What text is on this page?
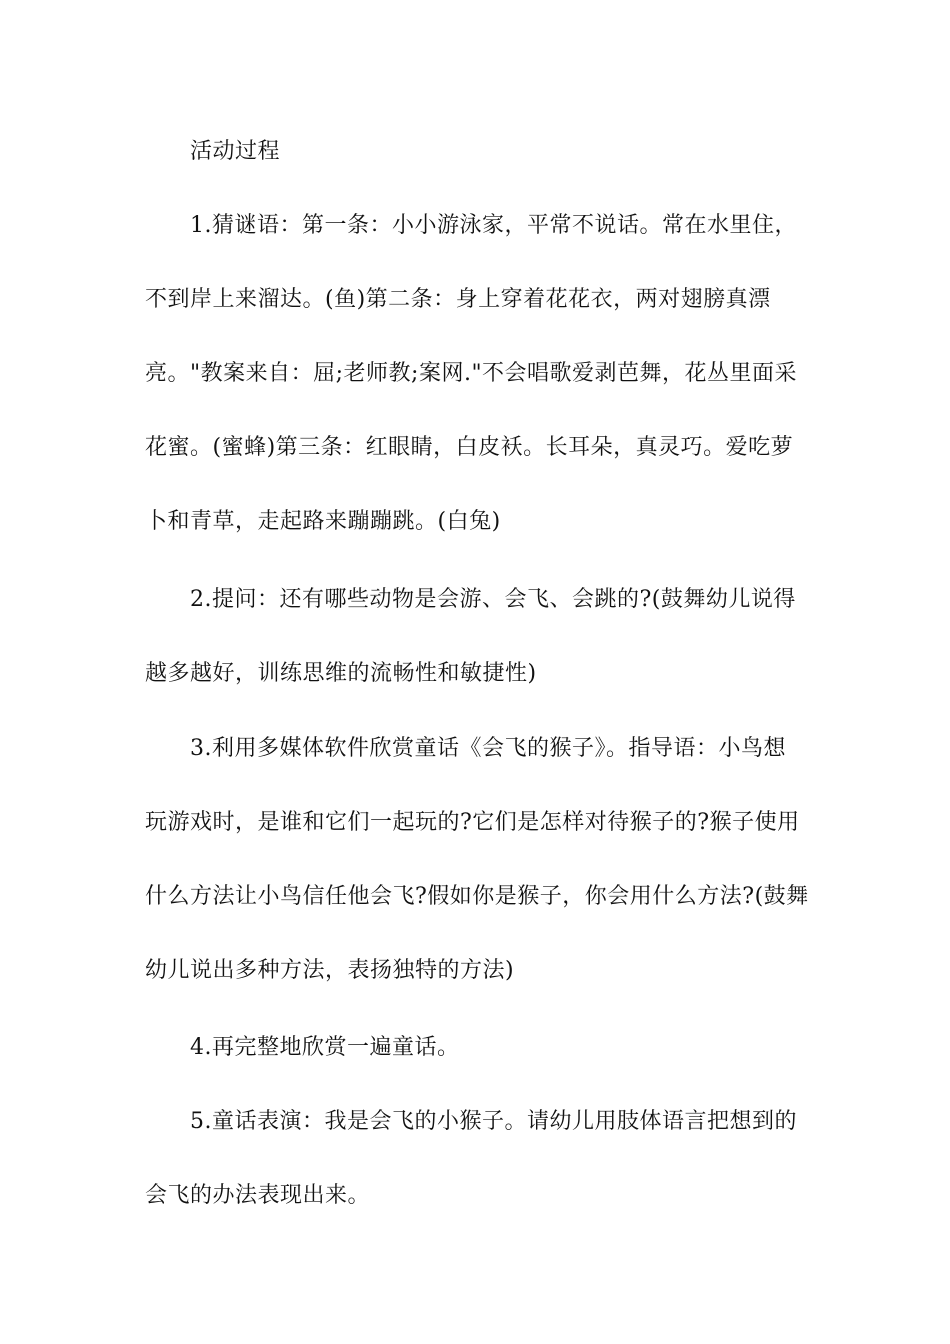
活动过程
1.猜谜语：第一条：小小游泳家，平常不说话。常在水里住，
不到岸上来溜达。(鱼)第二条：身上穿着花花衣，两对翅膀真漂
亮。"教案来自：屈;老师教;案网."不会唱歌爱剥芭舞，花丛里面采
花蜜。(蜜蜂)第三条：红眼睛，白皮袄。长耳朵，真灵巧。爱吃萝
卜和青草，走起路来蹦蹦跳。(白兔)
2.提问：还有哪些动物是会游、会飞、会跳的?(鼓舞幼儿说得
越多越好，训练思维的流畅性和敏捷性)
3.利用多媒体软件欣赏童话《会飞的猴子》。指导语：小鸟想
玩游戏时，是谁和它们一起玩的?它们是怎样对待猴子的?猴子使用
什么方法让小鸟信任他会飞?假如你是猴子，你会用什么方法?(鼓舞
幼儿说出多种方法，表扬独特的方法)
4.再完整地欣赏一遍童话。
5.童话表演：我是会飞的小猴子。请幼儿用肢体语言把想到的
会飞的办法表现出来。
